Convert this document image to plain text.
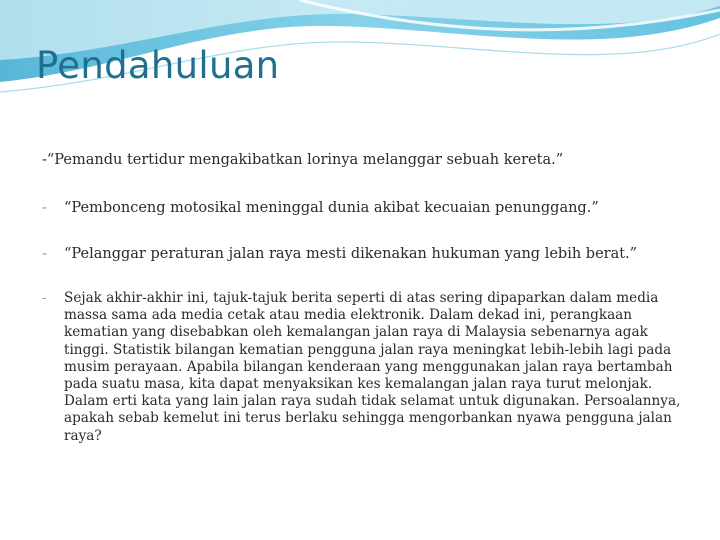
Pendahuluan

-“Pemandu tertidur mengakibatkan lorinya melanggar sebuah kereta.”

- “Pembonceng motosikal meninggal dunia akibat kecuaian penunggang.”
- “Pelanggar peraturan jalan raya mesti dikenakan hukuman yang lebih berat.”
- Sejak akhir-akhir ini, tajuk-tajuk berita seperti di atas sering dipaparkan dalam media massa sama ada media cetak atau media elektronik. Dalam dekad ini, perangkaan kematian yang disebabkan oleh kemalangan jalan raya di Malaysia sebenarnya agak tinggi. Statistik bilangan kematian pengguna jalan raya meningkat lebih-lebih lagi pada musim perayaan. Apabila bilangan kenderaan yang menggunakan jalan raya bertambah pada suatu masa, kita dapat menyaksikan kes kemalangan jalan raya turut melonjak. Dalam erti kata yang lain jalan raya sudah tidak selamat untuk digunakan. Persoalannya, apakah sebab kemelut ini terus berlaku sehingga mengorbankan nyawa pengguna jalan raya?
